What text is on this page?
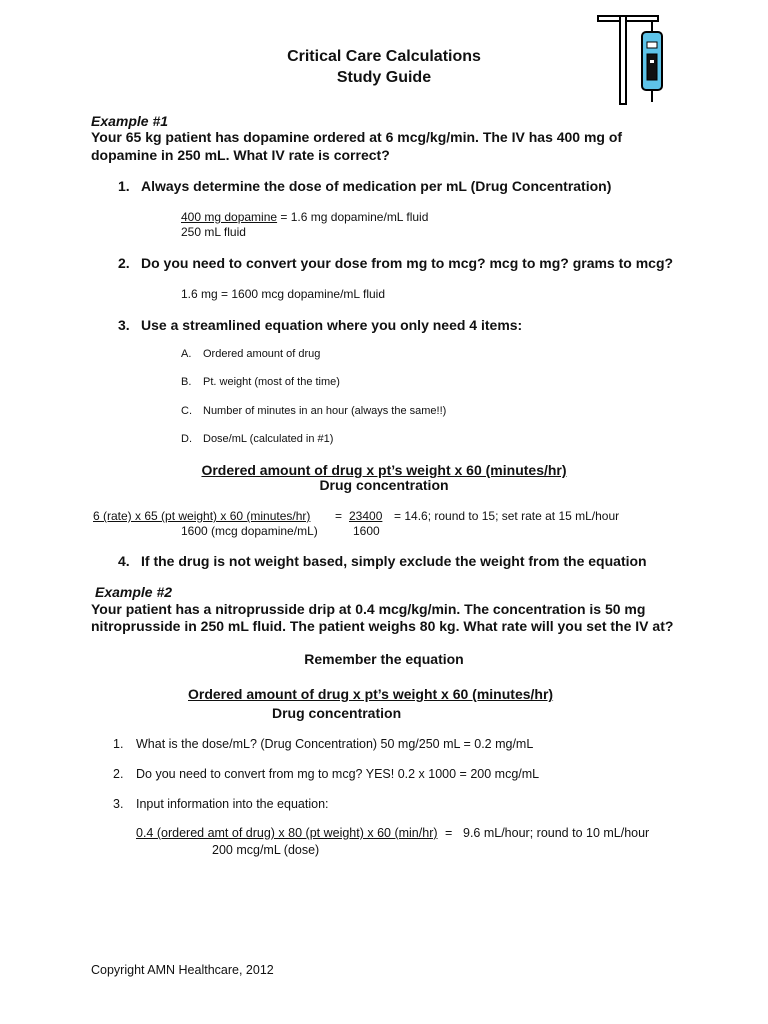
Critical Care Calculations
Study Guide
Example #1
Your 65 kg patient has dopamine ordered at 6 mcg/kg/min. The IV has 400 mg of
dopamine in 250 mL. What IV rate is correct?
1. Always determine the dose of medication per mL (Drug Concentration)
400 mg dopamine = 1.6 mg dopamine/mL fluid
250 mL fluid
2. Do you need to convert your dose from mg to mcg? mcg to mg? grams to mcg?
1.6 mg = 1600 mcg dopamine/mL fluid
3. Use a streamlined equation where you only need 4 items:
A. Ordered amount of drug
B. Pt. weight (most of the time)
C. Number of minutes in an hour (always the same!!)
D. Dose/mL (calculated in #1)
Ordered amount of drug x pt’s weight x 60 (minutes/hr)
Drug concentration
6 (rate) x 65 (pt weight) x 60 (minutes/hr) = 23400 = 14.6; round to 15; set rate at 15 mL/hour
1600 (mcg dopamine/mL)	1600
4. If the drug is not weight based, simply exclude the weight from the equation
Example #2
Your patient has a nitroprusside drip at 0.4 mcg/kg/min. The concentration is 50 mg
nitroprusside in 250 mL fluid. The patient weighs 80 kg. What rate will you set the IV at?
Remember the equation
Ordered amount of drug x pt’s weight x 60 (minutes/hr)
Drug concentration
1. What is the dose/mL? (Drug Concentration) 50 mg/250 mL = 0.2 mg/mL
2. Do you need to convert from mg to mcg? YES! 0.2 x 1000 = 200 mcg/mL
3. Input information into the equation:
0.4 (ordered amt of drug) x 80 (pt weight) x 60 (min/hr) = 9.6 mL/hour; round to 10 mL/hour
200 mcg/mL (dose)
Copyright AMN Healthcare, 2012
